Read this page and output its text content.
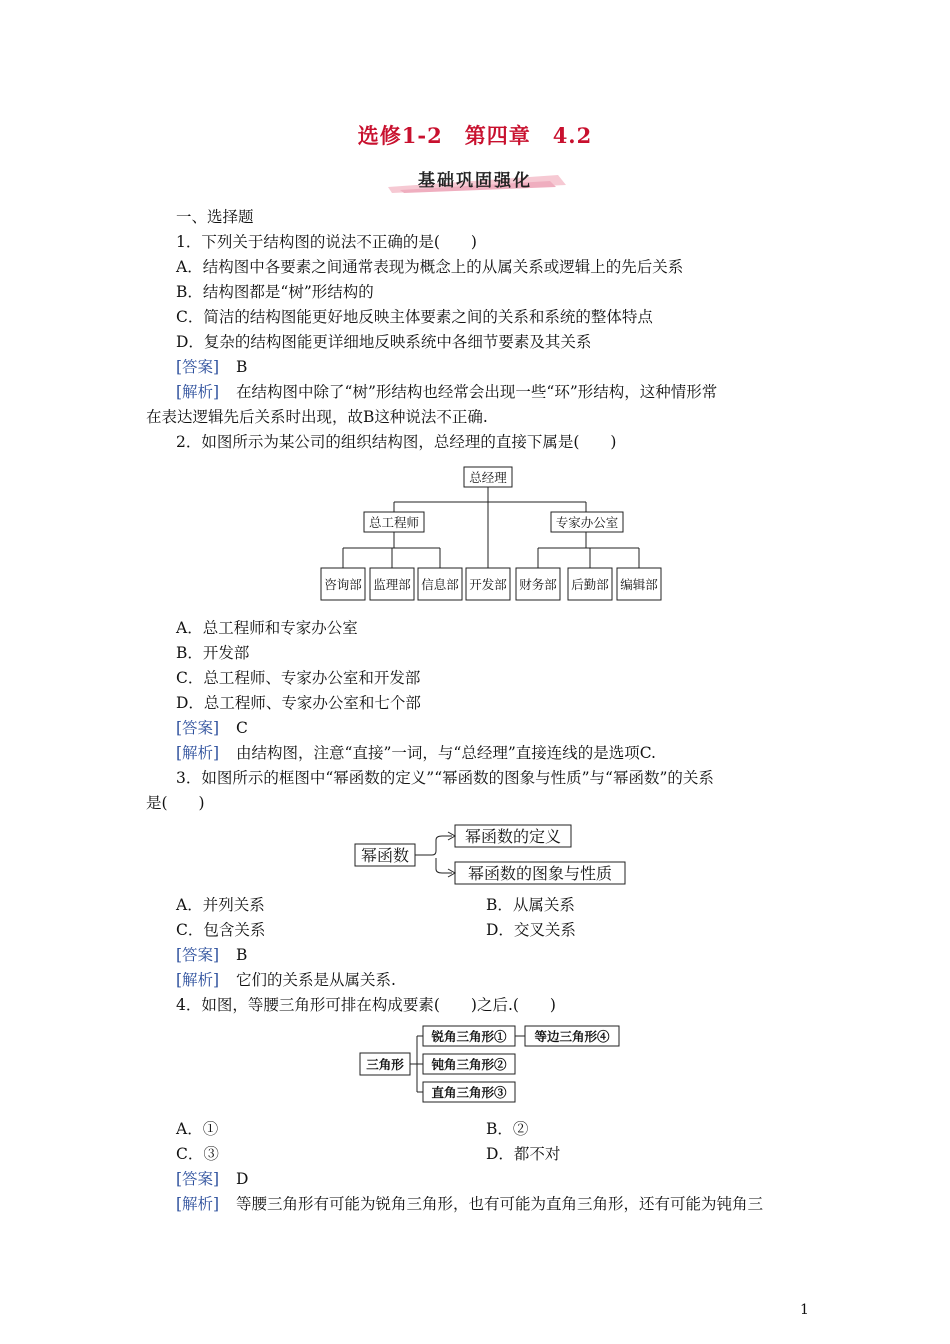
选修1-2　第四章　4.2
基础巩固强化
一、选择题
1．下列关于结构图的说法不正确的是(　　)
A．结构图中各要素之间通常表现为概念上的从属关系或逻辑上的先后关系
B．结构图都是“树”形结构的
C．简洁的结构图能更好地反映主体要素之间的关系和系统的整体特点
D．复杂的结构图能更详细地反映系统中各细节要素及其关系
[答案] B
[解析] 在结构图中除了“树”形结构也经常会出现一些“环”形结构，这种情形常
在表达逻辑先后关系时出现，故B这种说法不正确.
2．如图所示为某公司的组织结构图，总经理的直接下属是(　　)
总经理
总工程师	专家办公室
咨询部 监理部 信息部 开发部 财务部 后勤部 编辑部
A．总工程师和专家办公室
B．开发部
C．总工程师、专家办公室和开发部
D．总工程师、专家办公室和七个部
[答案] C
[解析] 由结构图，注意“直接”一词，与“总经理”直接连线的是选项C.
3．如图所示的框图中“幂函数的定义”“幂函数的图象与性质”与“幂函数”的关系
是(　　)
幂函数
幂函数的定义
幂函数的图象与性质
A．并列关系	B．从属关系
C．包含关系	D．交叉关系
[答案] B
[解析] 它们的关系是从属关系.
4．如图，等腰三角形可排在构成要素(　　)之后.(　　)
三角形
锐角三角形①
钝角三角形②
直角三角形③
等边三角形④
A．①	B．②
C．③	D．都不对
[答案] D
[解析] 等腰三角形有可能为锐角三角形，也有可能为直角三角形，还有可能为钝角三
1
